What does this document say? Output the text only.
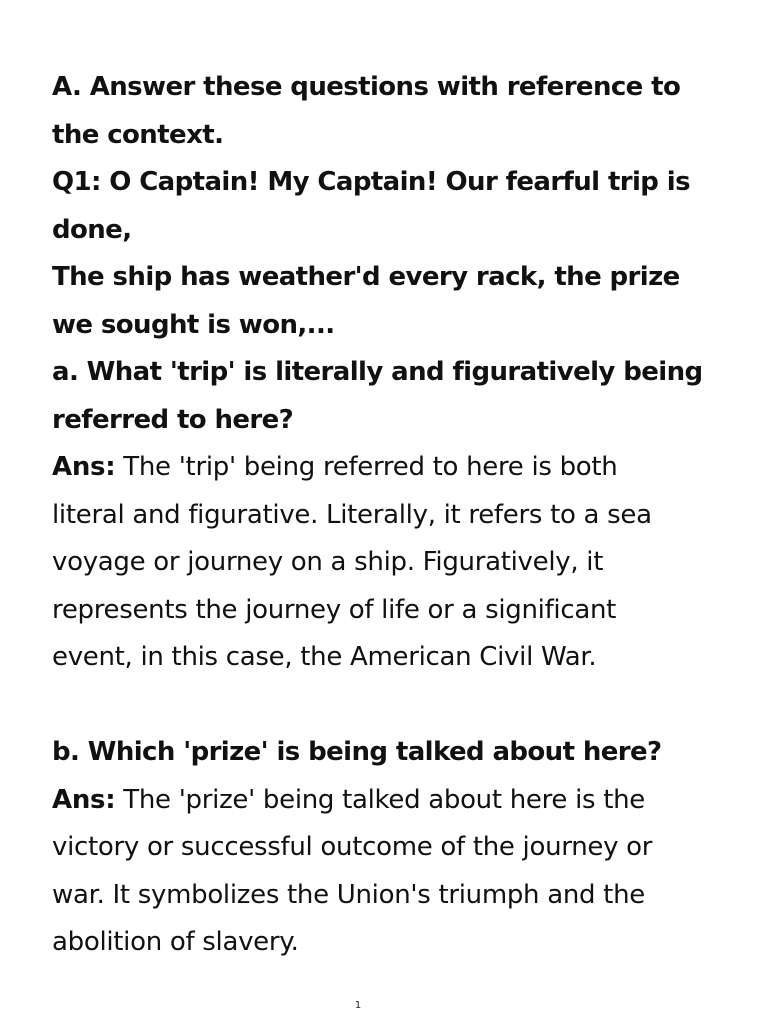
A. Answer these questions with reference to
the context.
Q1: O Captain! My Captain! Our fearful trip is
done,
The ship has weather'd every rack, the prize
we sought is won,...
a. What 'trip' is literally and figuratively being
referred to here?
Ans: The 'trip' being referred to here is both
literal and figurative. Literally, it refers to a sea
voyage or journey on a ship. Figuratively, it
represents the journey of life or a significant
event, in this case, the American Civil War.
b. Which 'prize' is being talked about here?
Ans: The 'prize' being talked about here is the
victory or successful outcome of the journey or
war. It symbolizes the Union's triumph and the
abolition of slavery.
1
